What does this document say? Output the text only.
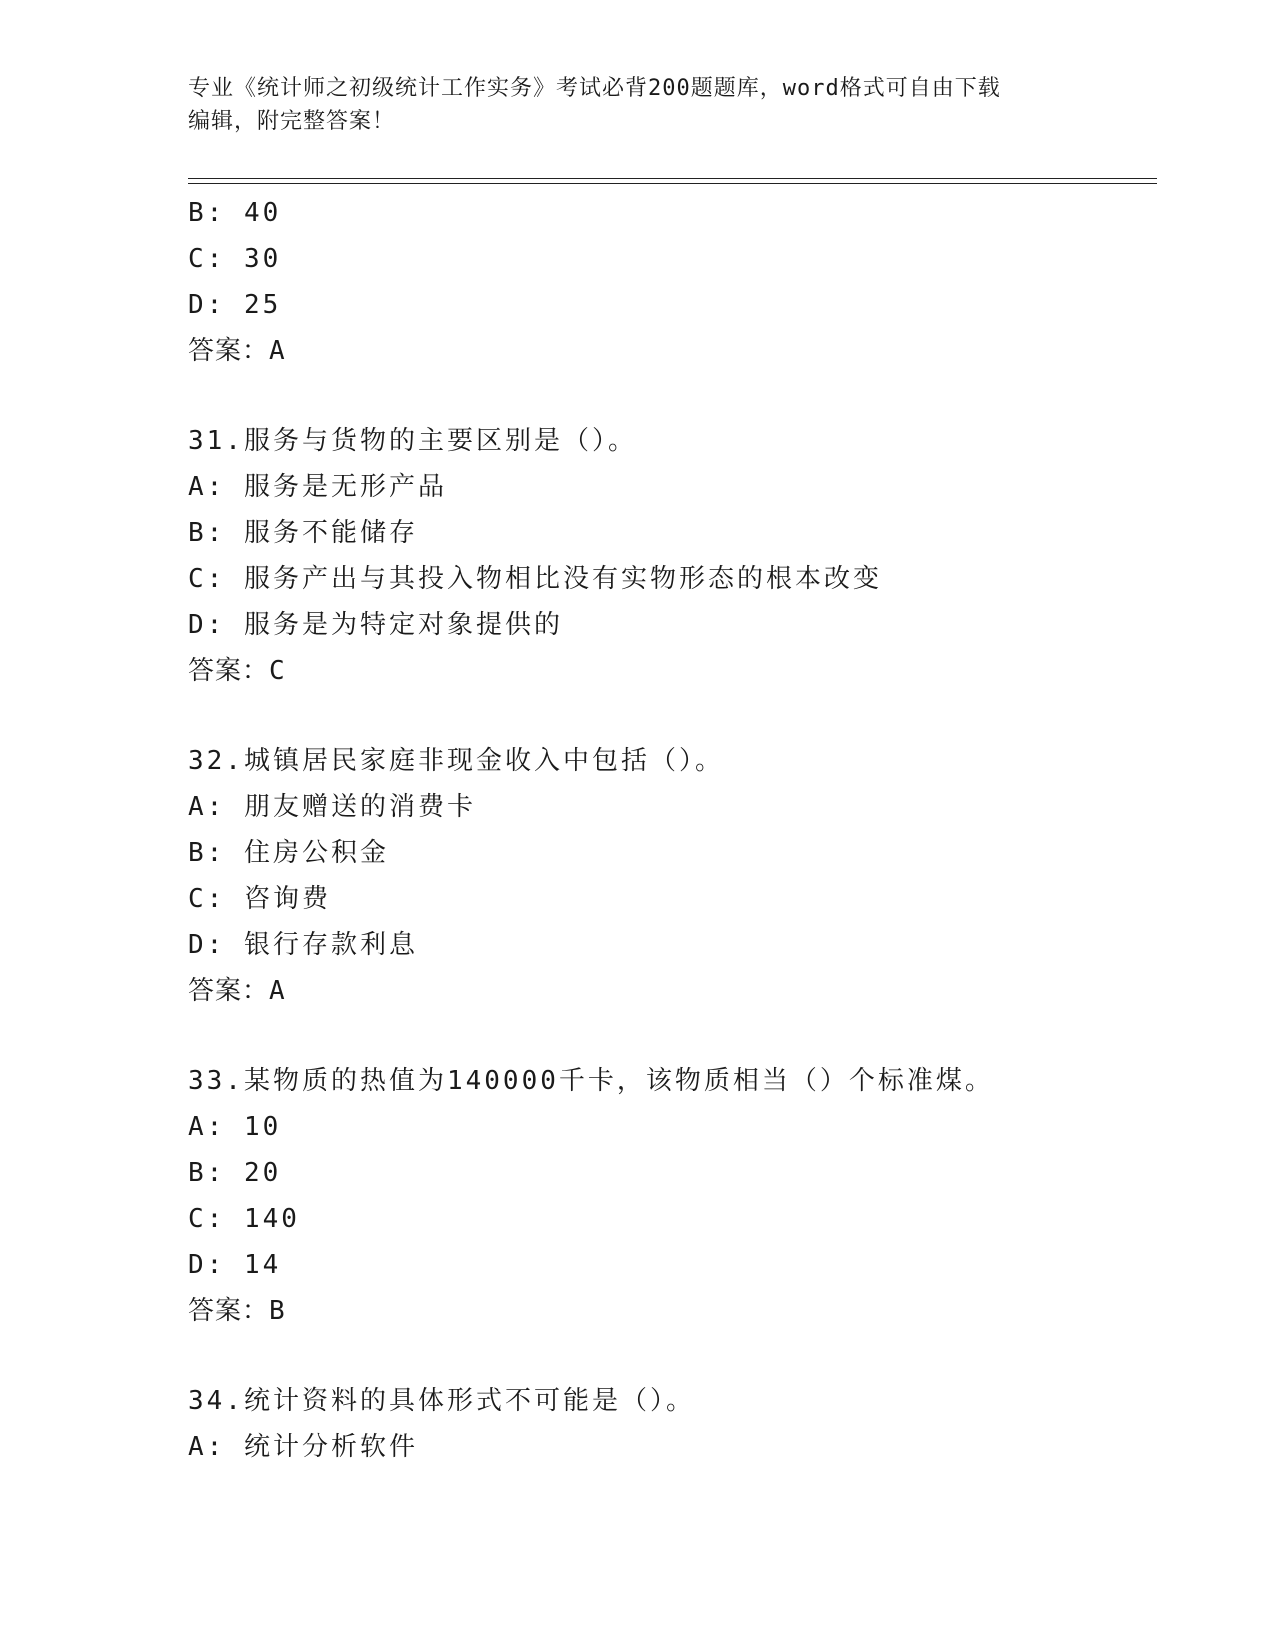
专业《统计师之初级统计工作实务》考试必背200题题库，word格式可自由下载
编辑，附完整答案！
B: 40
C: 30
D: 25
答案：A
31.服务与货物的主要区别是（）。
A: 服务是无形产品
B: 服务不能储存
C: 服务产出与其投入物相比没有实物形态的根本改变
D: 服务是为特定对象提供的
答案：C
32.城镇居民家庭非现金收入中包括（）。
A: 朋友赠送的消费卡
B: 住房公积金
C: 咨询费
D: 银行存款利息
答案：A
33.某物质的热值为140000千卡，该物质相当（）个标准煤。
A: 10
B: 20
C: 140
D: 14
答案：B
34.统计资料的具体形式不可能是（）。
A: 统计分析软件
